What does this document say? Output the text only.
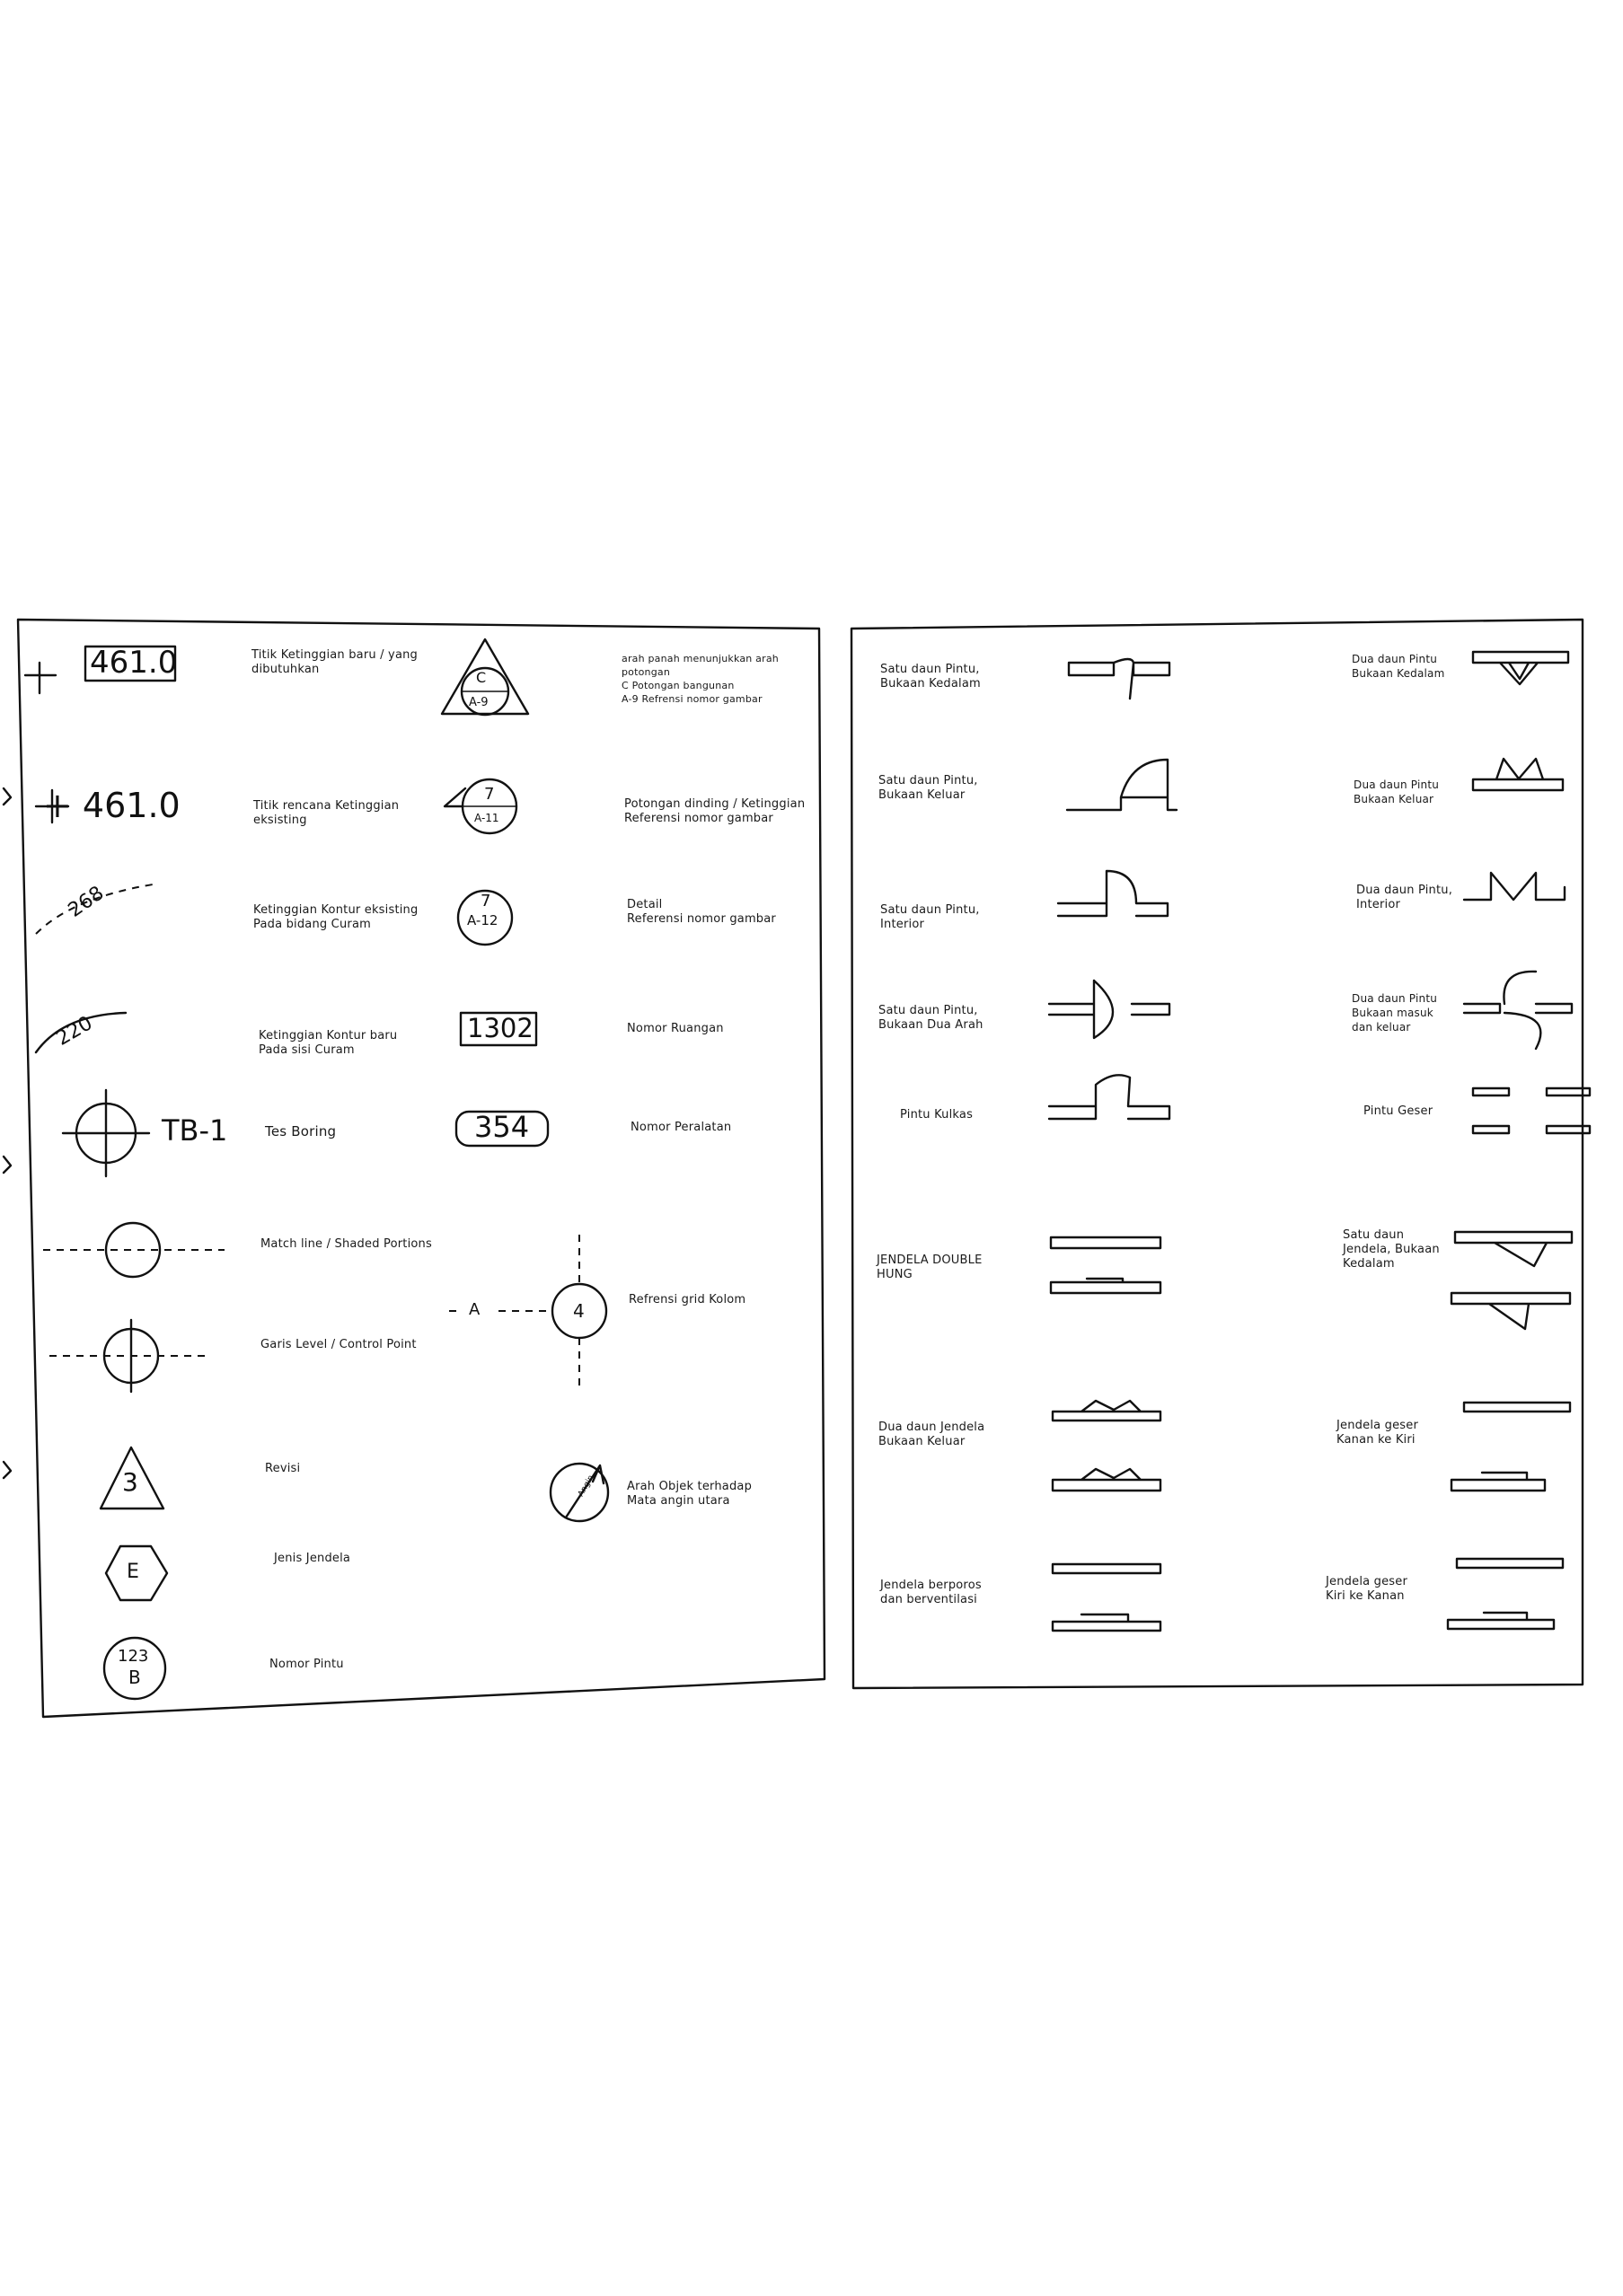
461.0
+ 461.0
268
220
TB-1
C
A-9
7
A-11
7
A-12
1302
354
A	4
3
E
123
B
Angin
Titik Ketinggian baru / yang
dibutuhkan
Titik rencana Ketinggian
eksisting
Ketinggian Kontur eksisting
Pada bidang Curam
Ketinggian Kontur baru
Pada sisi Curam
Tes Boring
Match line / Shaded Portions
Garis Level / Control Point
Revisi
Jenis Jendela
Nomor Pintu
arah panah menunjukkan arah
potongan
C Potongan bangunan
A-9 Refrensi nomor gambar
Potongan dinding / Ketinggian
Referensi nomor gambar
Detail
Referensi nomor gambar
Nomor Ruangan
Nomor Peralatan
Refrensi grid Kolom
Arah Objek terhadap
Mata angin utara
Satu daun Pintu,
Bukaan Kedalam
Satu daun Pintu,
Bukaan Keluar
Satu daun Pintu,
Interior
Satu daun Pintu,
Bukaan Dua Arah
Pintu Kulkas
Dua daun Pintu
Bukaan Kedalam
Dua daun Pintu
Bukaan Keluar
Dua daun Pintu,
Interior
Dua daun Pintu
Bukaan masuk
dan keluar
Pintu Geser
JENDELA DOUBLE
HUNG
Satu daun
Jendela, Bukaan
Kedalam
Dua daun Jendela
Bukaan Keluar
Jendela geser
Kanan ke Kiri
Jendela berporos
dan berventilasi
Jendela geser
Kiri ke Kanan
